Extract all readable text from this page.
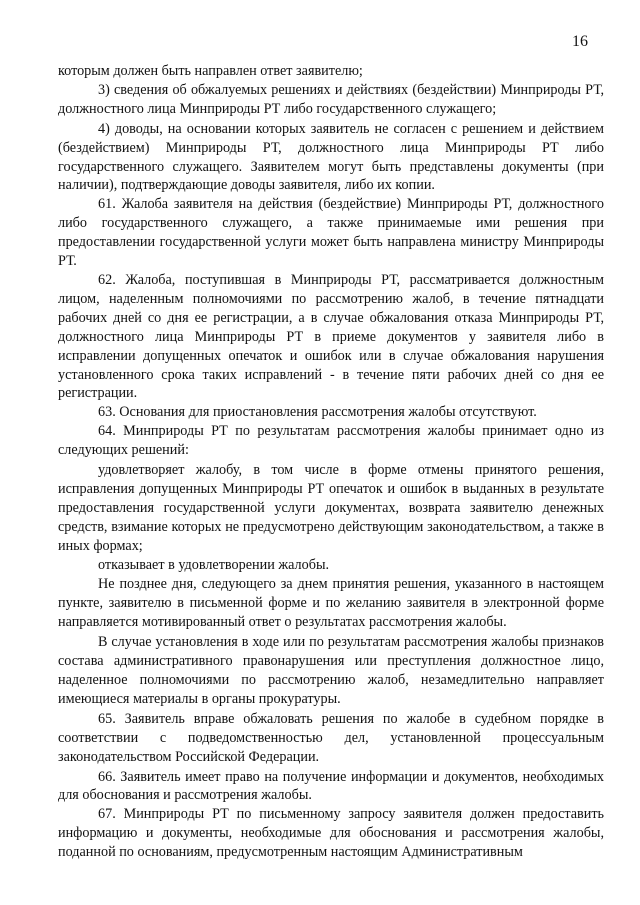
16

которым должен быть направлен ответ заявителю;

3) сведения об обжалуемых решениях и действиях (бездействии) Минприроды РТ, должностного лица Минприроды РТ либо государственного служащего;

4) доводы, на основании которых заявитель не согласен с решением и действием (бездействием) Минприроды РТ, должностного лица Минприроды РТ либо государственного служащего. Заявителем могут быть представлены документы (при наличии), подтверждающие доводы заявителя, либо их копии.

61. Жалоба заявителя на действия (бездействие) Минприроды РТ, должностного либо государственного служащего, а также принимаемые ими решения при предоставлении государственной услуги может быть направлена министру Минприроды РТ.

62. Жалоба, поступившая в Минприроды РТ, рассматривается должностным лицом, наделенным полномочиями по рассмотрению жалоб, в течение пятнадцати рабочих дней со дня ее регистрации, а в случае обжалования отказа Минприроды РТ, должностного лица Минприроды РТ в приеме документов у заявителя либо в исправлении допущенных опечаток и ошибок или в случае обжалования нарушения установленного срока таких исправлений - в течение пяти рабочих дней со дня ее регистрации.

63. Основания для приостановления рассмотрения жалобы отсутствуют.

64. Минприроды РТ по результатам рассмотрения жалобы принимает одно из следующих решений:

удовлетворяет жалобу, в том числе в форме отмены принятого решения, исправления допущенных Минприроды РТ опечаток и ошибок в выданных в результате предоставления государственной услуги документах, возврата заявителю денежных средств, взимание которых не предусмотрено действующим законодательством, а также в иных формах;

отказывает в удовлетворении жалобы.

Не позднее дня, следующего за днем принятия решения, указанного в настоящем пункте, заявителю в письменной форме и по желанию заявителя в электронной форме направляется мотивированный ответ о результатах рассмотрения жалобы.

В случае установления в ходе или по результатам рассмотрения жалобы признаков состава административного правонарушения или преступления должностное лицо, наделенное полномочиями по рассмотрению жалоб, незамедлительно направляет имеющиеся материалы в органы прокуратуры.

65. Заявитель вправе обжаловать решения по жалобе в судебном порядке в соответствии с подведомственностью дел, установленной процессуальным законодательством Российской Федерации.

66. Заявитель имеет право на получение информации и документов, необходимых для обоснования и рассмотрения жалобы.

67. Минприроды РТ по письменному запросу заявителя должен предоставить информацию и документы, необходимые для обоснования и рассмотрения жалобы, поданной по основаниям, предусмотренным настоящим Административным
